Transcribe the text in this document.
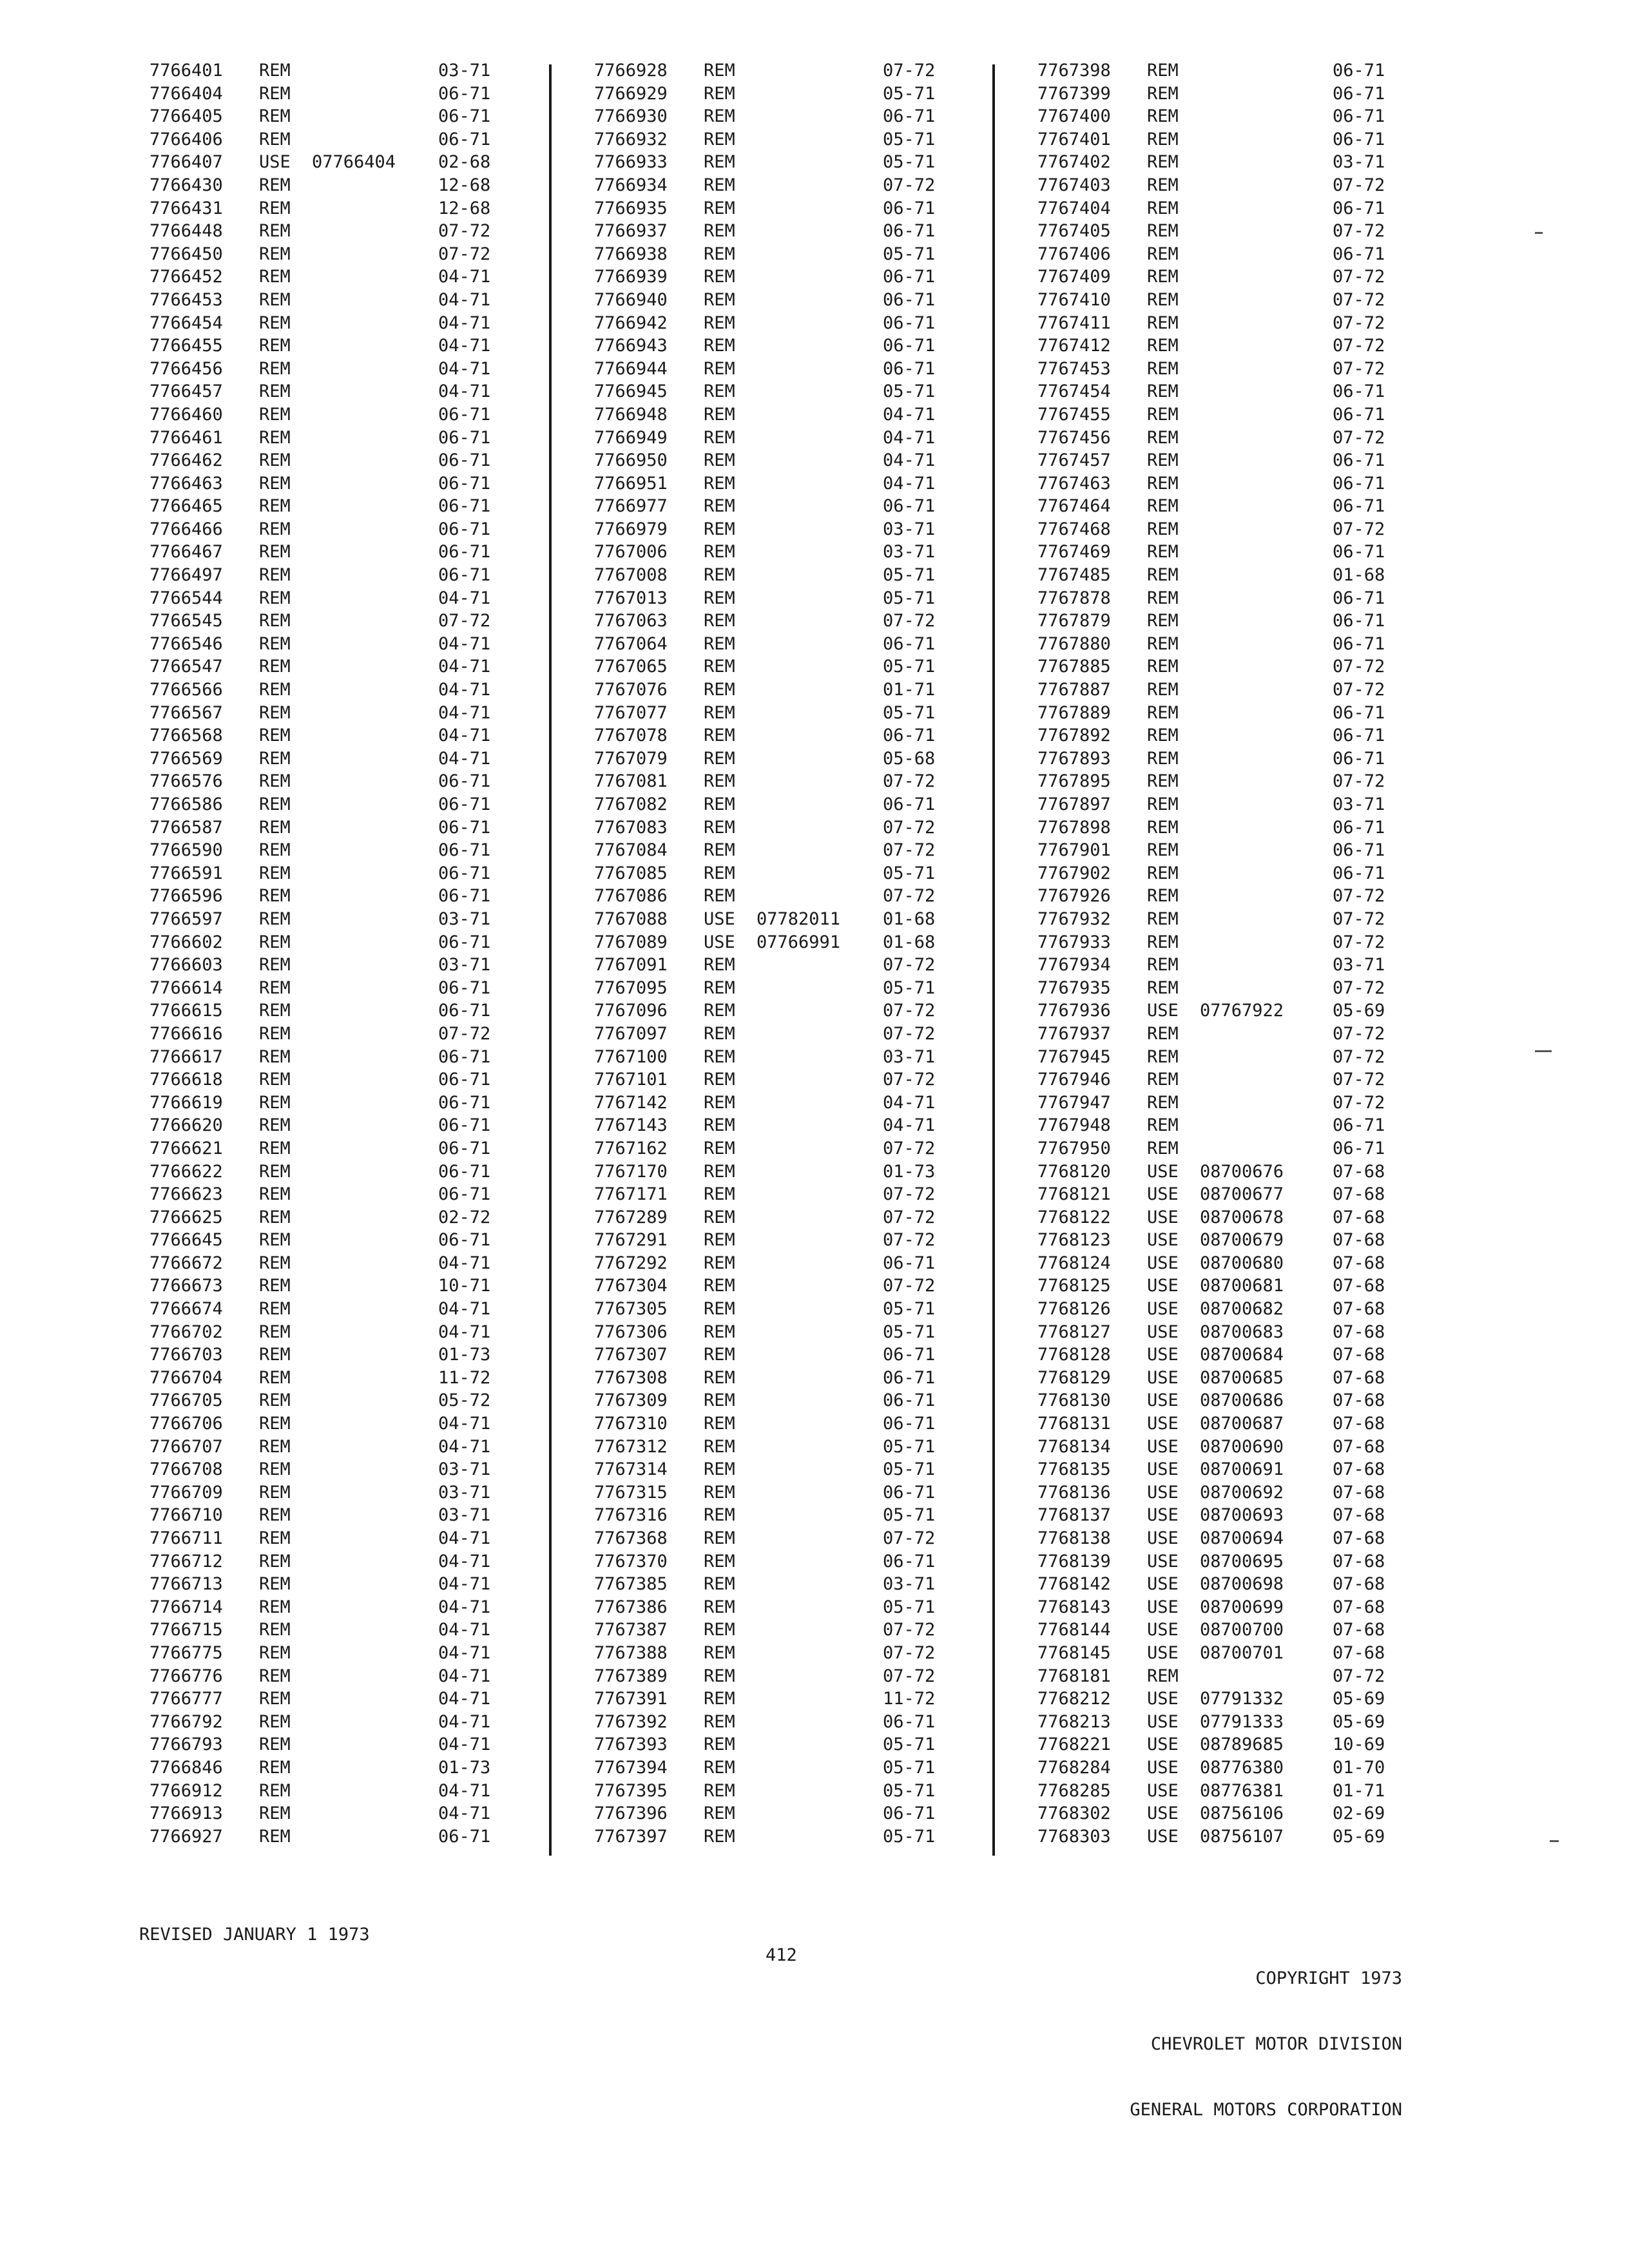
7766401 REM	03-71
7766404 REM	06-71
7766405 REM	06-71
7766406 REM	06-71
7766407 USE 07766404 02-68
7766430 REM	12-68
7766431 REM	12-68
7766448 REM	07-72
7766450 REM	07-72
7766452 REM	04-71
7766453 REM	04-71
7766454 REM	04-71
7766455 REM	04-71
7766456 REM	04-71
7766457 REM	04-71
7766460 REM	06-71
7766461 REM	06-71
7766462 REM	06-71
7766463 REM	06-71
7766465 REM	06-71
7766466 REM	06-71
7766467 REM	06-71
7766497 REM	06-71
7766544 REM	04-71
7766545 REM	07-72
7766546 REM	04-71
7766547 REM	04-71
7766566 REM	04-71
7766567 REM	04-71
7766568 REM	04-71
7766569 REM	04-71
7766576 REM	06-71
7766586 REM	06-71
7766587 REM	06-71
7766590 REM	06-71
7766591 REM	06-71
7766596 REM	06-71
7766597 REM	03-71
7766602 REM	06-71
7766603 REM	03-71
7766614 REM	06-71
7766615 REM	06-71
7766616 REM	07-72
7766617 REM	06-71
7766618 REM	06-71
7766619 REM	06-71
7766620 REM	06-71
7766621 REM	06-71
7766622 REM	06-71
7766623 REM	06-71
7766625 REM	02-72
7766645 REM	06-71
7766672 REM	04-71
7766673 REM	10-71
7766674 REM	04-71
7766702 REM	04-71
7766703 REM	01-73
7766704 REM	11-72
7766705 REM	05-72
7766706 REM	04-71
7766707 REM	04-71
7766708 REM	03-71
7766709 REM	03-71
7766710 REM	03-71
7766711 REM	04-71
7766712 REM	04-71
7766713 REM	04-71
7766714 REM	04-71
7766715 REM	04-71
7766775 REM	04-71
7766776 REM	04-71
7766777 REM	04-71
7766792 REM	04-71
7766793 REM	04-71
7766846 REM	01-73
7766912 REM	04-71
7766913 REM	04-71
7766927 REM	06-71
7766928 REM	07-72
7766929 REM	05-71
7766930 REM	06-71
7766932 REM	05-71
7766933 REM	05-71
7766934 REM	07-72
7766935 REM	06-71
7766937 REM	06-71
7766938 REM	05-71
7766939 REM	06-71
7766940 REM	06-71
7766942 REM	06-71
7766943 REM	06-71
7766944 REM	06-71
7766945 REM	05-71
7766948 REM	04-71
7766949 REM	04-71
7766950 REM	04-71
7766951 REM	04-71
7766977 REM	06-71
7766979 REM	03-71
7767006 REM	03-71
7767008 REM	05-71
7767013 REM	05-71
7767063 REM	07-72
7767064 REM	06-71
7767065 REM	05-71
7767076 REM	01-71
7767077 REM	05-71
7767078 REM	06-71
7767079 REM	05-68
7767081 REM	07-72
7767082 REM	06-71
7767083 REM	07-72
7767084 REM	07-72
7767085 REM	05-71
7767086 REM	07-72
7767088 USE 07782011 01-68
7767089 USE 07766991 01-68
7767091 REM	07-72
7767095 REM	05-71
7767096 REM	07-72
7767097 REM	07-72
7767100 REM	03-71
7767101 REM	07-72
7767142 REM	04-71
7767143 REM	04-71
7767162 REM	07-72
7767170 REM	01-73
7767171 REM	07-72
7767289 REM	07-72
7767291 REM	07-72
7767292 REM	06-71
7767304 REM	07-72
7767305 REM	05-71
7767306 REM	05-71
7767307 REM	06-71
7767308 REM	06-71
7767309 REM	06-71
7767310 REM	06-71
7767312 REM	05-71
7767314 REM	05-71
7767315 REM	06-71
7767316 REM	05-71
7767368 REM	07-72
7767370 REM	06-71
7767385 REM	03-71
7767386 REM	05-71
7767387 REM	07-72
7767388 REM	07-72
7767389 REM	07-72
7767391 REM	11-72
7767392 REM	06-71
7767393 REM	05-71
7767394 REM	05-71
7767395 REM	05-71
7767396 REM	06-71
7767397 REM	05-71
7767398 REM	06-71
7767399 REM	06-71
7767400 REM	06-71
7767401 REM	06-71
7767402 REM	03-71
7767403 REM	07-72
7767404 REM	06-71
7767405 REM	07-72
7767406 REM	06-71
7767409 REM	07-72
7767410 REM	07-72
7767411 REM	07-72
7767412 REM	07-72
7767453 REM	07-72
7767454 REM	06-71
7767455 REM	06-71
7767456 REM	07-72
7767457 REM	06-71
7767463 REM	06-71
7767464 REM	06-71
7767468 REM	07-72
7767469 REM	06-71
7767485 REM	01-68
7767878 REM	06-71
7767879 REM	06-71
7767880 REM	06-71
7767885 REM	07-72
7767887 REM	07-72
7767889 REM	06-71
7767892 REM	06-71
7767893 REM	06-71
7767895 REM	07-72
7767897 REM	03-71
7767898 REM	06-71
7767901 REM	06-71
7767902 REM	06-71
7767926 REM	07-72
7767932 REM	07-72
7767933 REM	07-72
7767934 REM	03-71
7767935 REM	07-72
7767936 USE 07767922	05-69
7767937 REM	07-72
7767945 REM	07-72
7767946 REM	07-72
7767947 REM	07-72
7767948 REM	06-71
7767950 REM	06-71
7768120 USE 08700676	07-68
7768121 USE 08700677	07-68
7768122 USE 08700678	07-68
7768123 USE 08700679	07-68
7768124 USE 08700680	07-68
7768125 USE 08700681	07-68
7768126 USE 08700682	07-68
7768127 USE 08700683	07-68
7768128 USE 08700684	07-68
7768129 USE 08700685	07-68
7768130 USE 08700686	07-68
7768131 USE 08700687	07-68
7768134 USE 08700690	07-68
7768135 USE 08700691	07-68
7768136 USE 08700692	07-68
7768137 USE 08700693	07-68
7768138 USE 08700694	07-68
7768139 USE 08700695	07-68
7768142 USE 08700698	07-68
7768143 USE 08700699	07-68
7768144 USE 08700700	07-68
7768145 USE 08700701	07-68
7768181 REM	07-72
7768212 USE 07791332	05-69
7768213 USE 07791333	05-69
7768221 USE 08789685	10-69
7768284 USE 08776380	01-70
7768285 USE 08776381	01-71
7768302 USE 08756106	02-69
7768303 USE 08756107	05-69
REVISED JANUARY 1 1973
412

COPYRIGHT 1973

CHEVROLET MOTOR DIVISION

GENERAL MOTORS CORPORATION
